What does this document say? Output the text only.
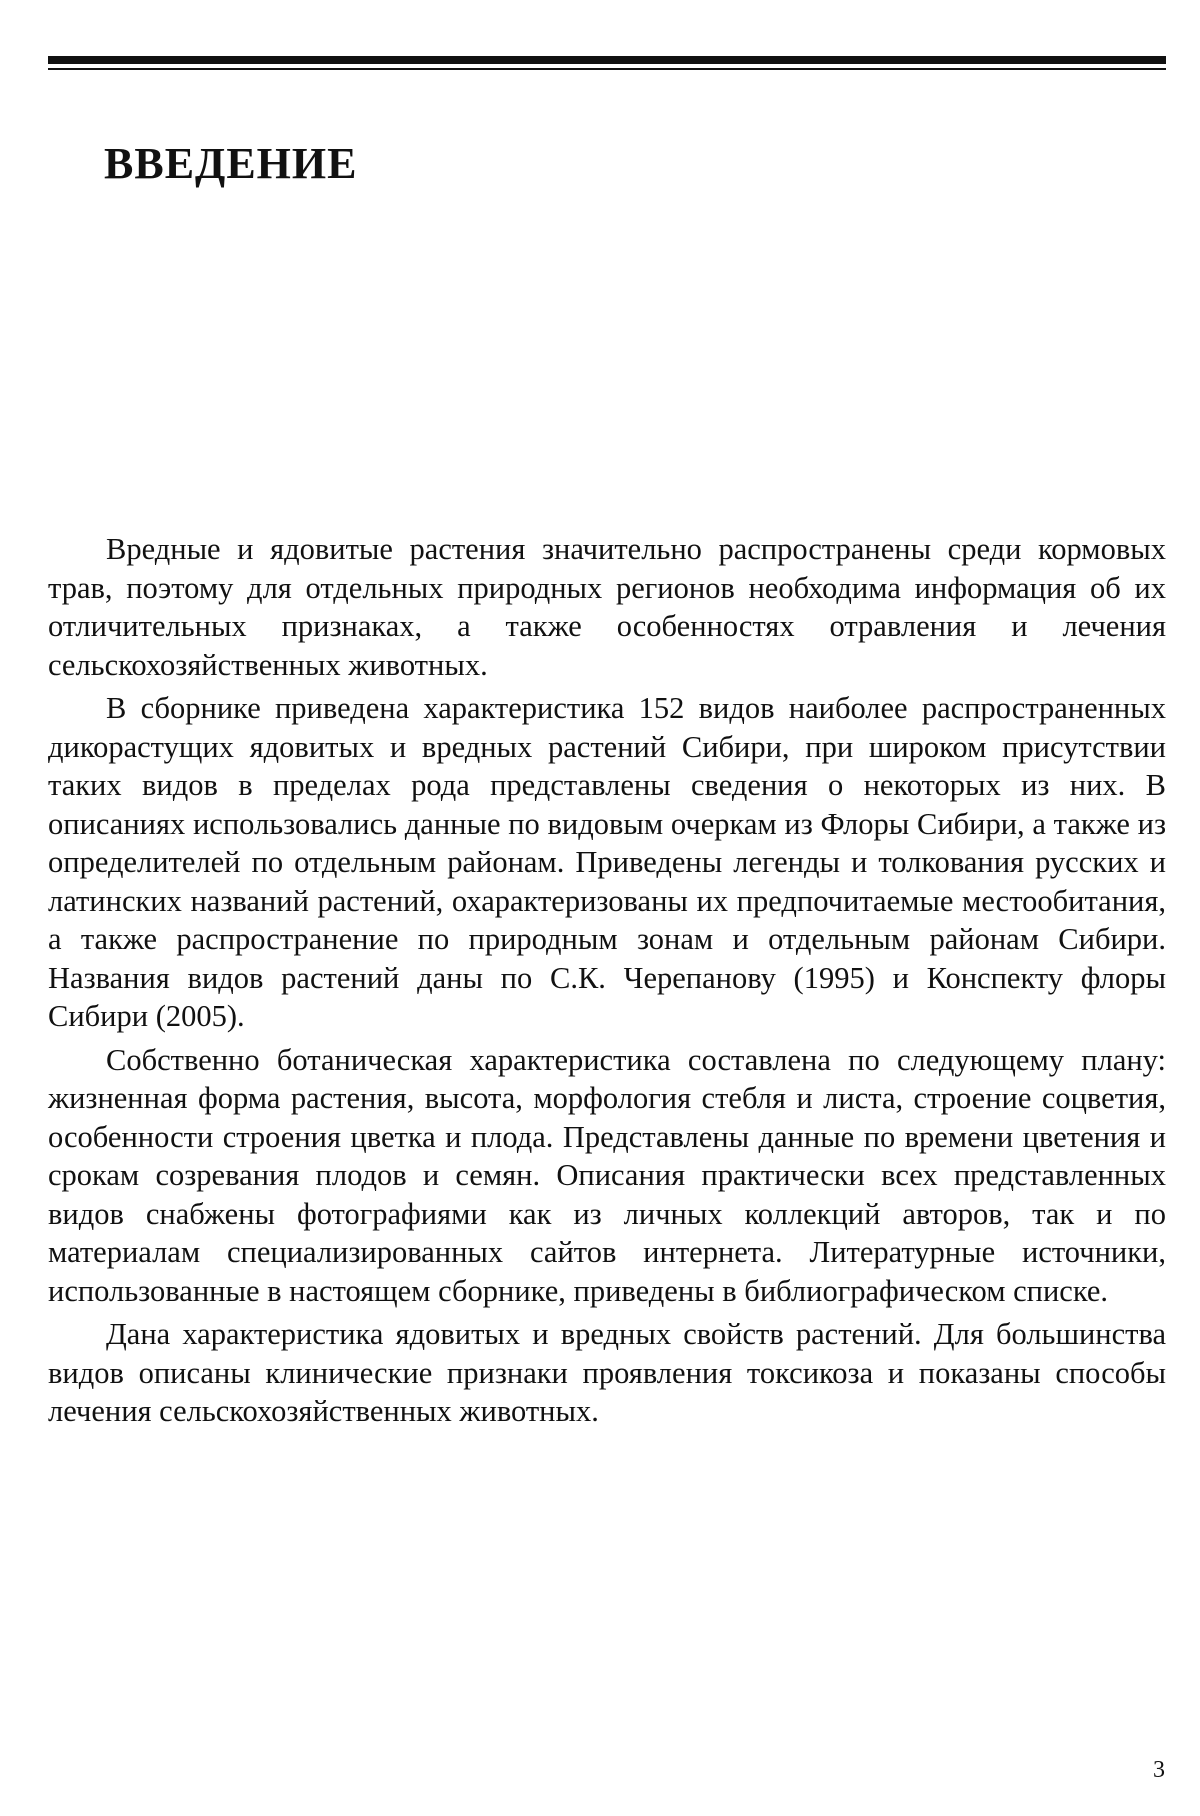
ВВЕДЕНИЕ

Вредные и ядовитые растения значительно распространены среди кормовых трав, поэтому для отдельных природных регионов необходима информация об их отличительных признаках, а также особенностях отравления и лечения сельскохозяйственных животных.

В сборнике приведена характеристика 152 видов наиболее распространенных дикорастущих ядовитых и вредных растений Сибири, при широком присутствии таких видов в пределах рода представлены сведения о некоторых из них. В описаниях использовались данные по видовым очеркам из Флоры Сибири, а также из определителей по отдельным районам. Приведены легенды и толкования русских и латинских названий растений, охарактеризованы их предпочитаемые местообитания, а также распространение по природным зонам и отдельным районам Сибири. Названия видов растений даны по С.К. Черепанову (1995) и Конспекту флоры Сибири (2005).

Собственно ботаническая характеристика составлена по следующему плану: жизненная форма растения, высота, морфология стебля и листа, строение соцветия, особенности строения цветка и плода. Представлены данные по времени цветения и срокам созревания плодов и семян. Описания практически всех представленных видов снабжены фотографиями как из личных коллекций авторов, так и по материалам специализированных сайтов интернета. Литературные источники, использованные в настоящем сборнике, приведены в библиографическом списке.

Дана характеристика ядовитых и вредных свойств растений. Для большинства видов описаны клинические признаки проявления токсикоза и показаны способы лечения сельскохозяйственных животных.

3
